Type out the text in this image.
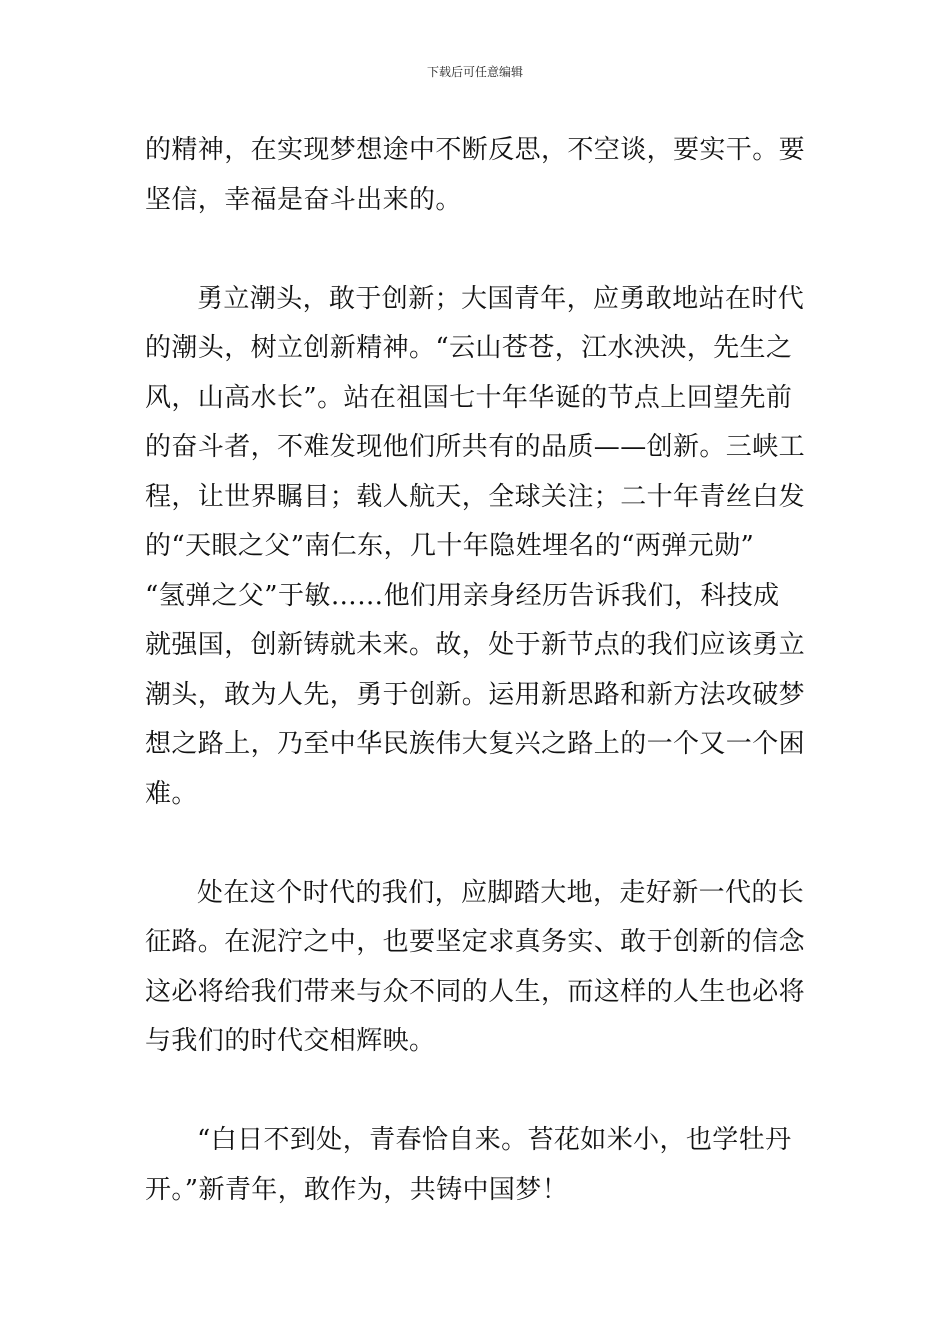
下载后可任意编辑

的精神，在实现梦想途中不断反思，不空谈，要实干。要
坚信，幸福是奋斗出来的。

勇立潮头，敢于创新；大国青年，应勇敢地站在时代
的潮头，树立创新精神。“云山苍苍，江水泱泱，先生之
风，山高水长”。站在祖国七十年华诞的节点上回望先前
的奋斗者，不难发现他们所共有的品质——创新。三峡工
程，让世界瞩目；载人航天，全球关注；二十年青丝白发
的“天眼之父”南仁东，几十年隐姓埋名的“两弹元勋”
“氢弹之父”于敏……他们用亲身经历告诉我们，科技成
就强国，创新铸就未来。故，处于新节点的我们应该勇立
潮头，敢为人先，勇于创新。运用新思路和新方法攻破梦
想之路上，乃至中华民族伟大复兴之路上的一个又一个困
难。

处在这个时代的我们，应脚踏大地，走好新一代的长
征路。在泥泞之中，也要坚定求真务实、敢于创新的信念
这必将给我们带来与众不同的人生，而这样的人生也必将
与我们的时代交相辉映。

“白日不到处，青春恰自来。苔花如米小，也学牡丹
开。”新青年，敢作为，共铸中国梦！
